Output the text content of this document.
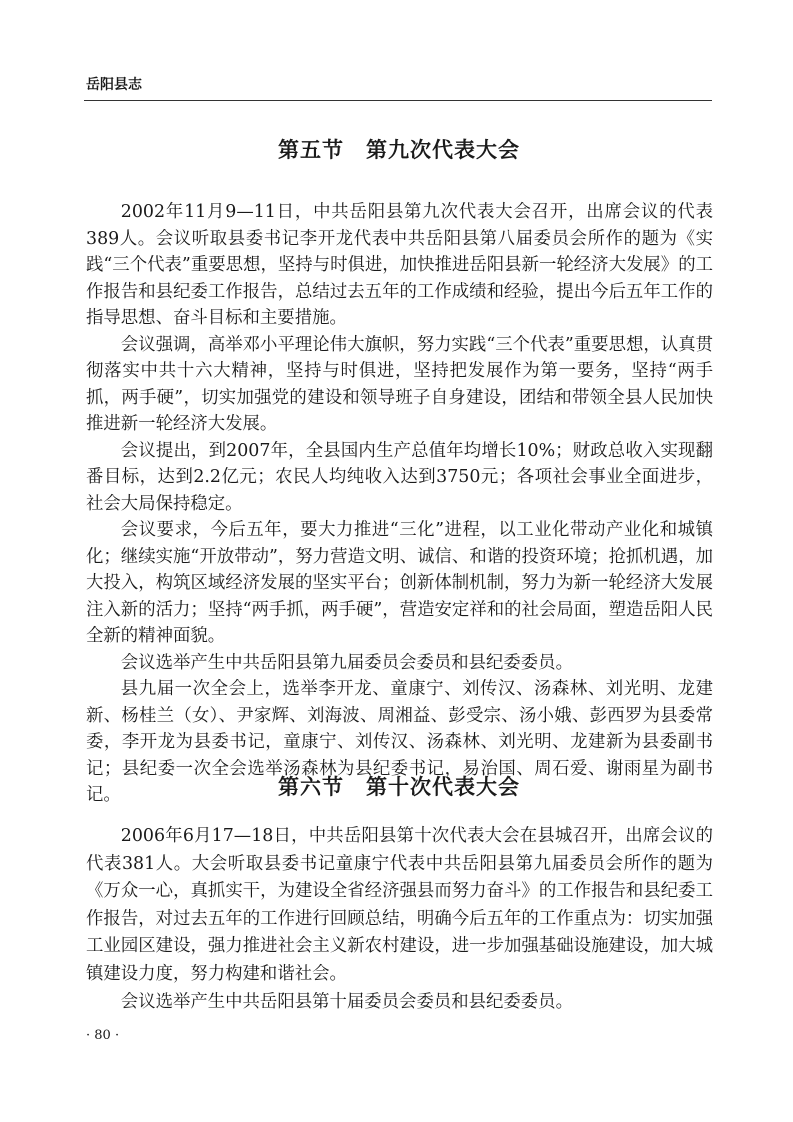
岳阳县志
第五节 第九次代表大会

2002年11月9—11日，中共岳阳县第九次代表大会召开，出席会议的代表389人。会议听取县委书记李开龙代表中共岳阳县第八届委员会所作的题为《实践“三个代表”重要思想，坚持与时俱进，加快推进岳阳县新一轮经济大发展》的工作报告和县纪委工作报告，总结过去五年的工作成绩和经验，提出今后五年工作的指导思想、奋斗目标和主要措施。

会议强调，高举邓小平理论伟大旗帜，努力实践“三个代表”重要思想，认真贯彻落实中共十六大精神，坚持与时俱进，坚持把发展作为第一要务，坚持“两手抓，两手硬”，切实加强党的建设和领导班子自身建设，团结和带领全县人民加快推进新一轮经济大发展。

会议提出，到2007年，全县国内生产总值年均增长10%；财政总收入实现翻番目标，达到2.2亿元；农民人均纯收入达到3750元；各项社会事业全面进步，社会大局保持稳定。

会议要求，今后五年，要大力推进“三化”进程，以工业化带动产业化和城镇化；继续实施“开放带动”，努力营造文明、诚信、和谐的投资环境；抢抓机遇，加大投入，构筑区域经济发展的坚实平台；创新体制机制，努力为新一轮经济大发展注入新的活力；坚持“两手抓，两手硬”，营造安定祥和的社会局面，塑造岳阳人民全新的精神面貌。

会议选举产生中共岳阳县第九届委员会委员和县纪委委员。

县九届一次全会上，选举李开龙、童康宁、刘传汉、汤森林、刘光明、龙建新、杨桂兰（女）、尹家辉、刘海波、周湘益、彭受宗、汤小娥、彭西罗为县委常委，李开龙为县委书记，童康宁、刘传汉、汤森林、刘光明、龙建新为县委副书记；县纪委一次全会选举汤森林为县纪委书记，易治国、周石爱、谢雨星为副书记。	第六节 第十次代表大会

2006年6月17—18日，中共岳阳县第十次代表大会在县城召开，出席会议的代表381人。大会听取县委书记童康宁代表中共岳阳县第九届委员会所作的题为《万众一心，真抓实干，为建设全省经济强县而努力奋斗》的工作报告和县纪委工作报告，对过去五年的工作进行回顾总结，明确今后五年的工作重点为：切实加强工业园区建设，强力推进社会主义新农村建设，进一步加强基础设施建设，加大城镇建设力度，努力构建和谐社会。

会议选举产生中共岳阳县第十届委员会委员和县纪委委员。

· 80 ·
